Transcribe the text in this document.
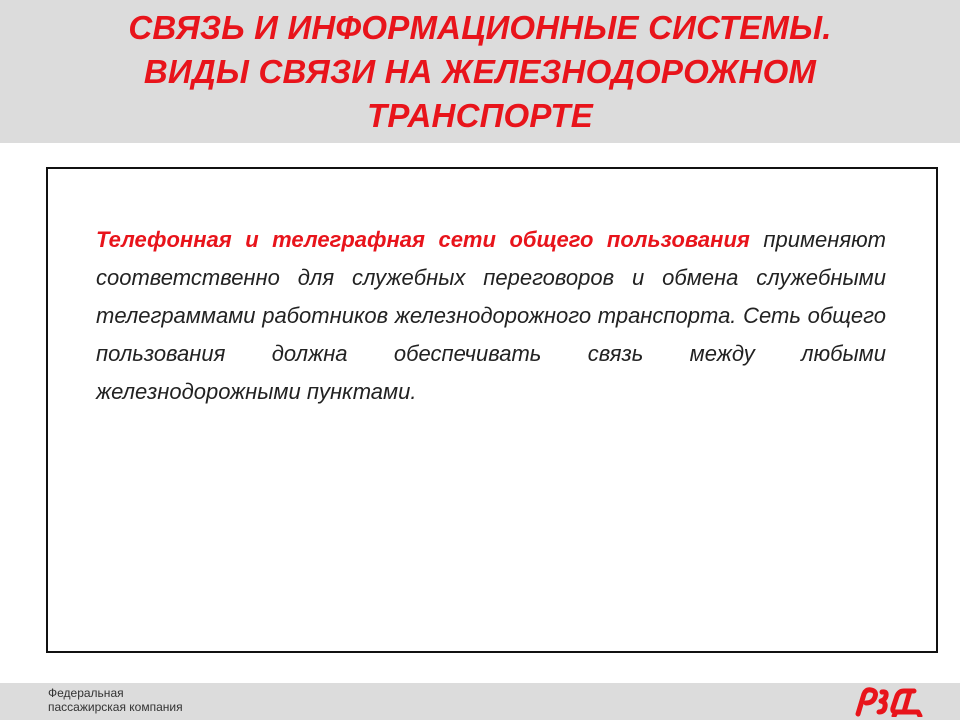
СВЯЗЬ И ИНФОРМАЦИОННЫЕ СИСТЕМЫ.
ВИДЫ СВЯЗИ НА ЖЕЛЕЗНОДОРОЖНОМ
ТРАНСПОРТЕ

Телефонная и телеграфная сети общего пользования применяют соответственно для служебных переговоров и обмена служебными телеграммами работников железнодорожного транспорта. Сеть общего пользования должна обеспечивать связь между любыми железнодорожными пунктами.

Федеральная
пассажирская компания
